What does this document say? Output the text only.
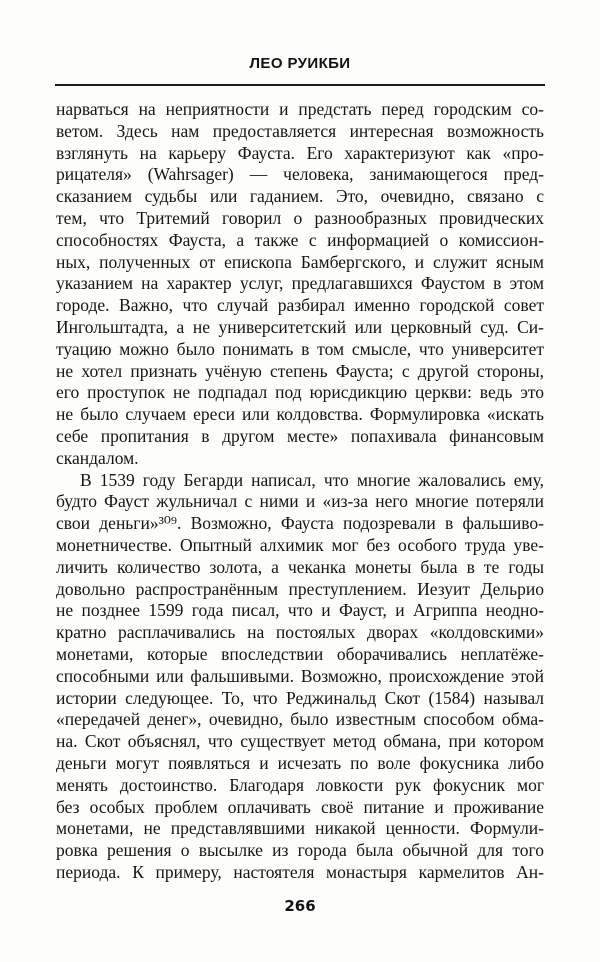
ЛЕО РУИКБИ
нарваться на неприятности и предстать перед городским со-
ветом. Здесь нам предоставляется интересная возможность
взглянуть на карьеру Фауста. Его характеризуют как «про-
рицателя» (Wahrsager) — человека, занимающегося пред-
сказанием судьбы или гаданием. Это, очевидно, связано с
тем, что Тритемий говорил о разнообразных провидческих
способностях Фауста, а также с информацией о комиссион-
ных, полученных от епископа Бамбергского, и служит ясным
указанием на характер услуг, предлагавшихся Фаустом в этом
городе. Важно, что случай разбирал именно городской совет
Ингольштадта, а не университетский или церковный суд. Си-
туацию можно было понимать в том смысле, что университет
не хотел признать учёную степень Фауста; с другой стороны,
его проступок не подпадал под юрисдикцию церкви: ведь это
не было случаем ереси или колдовства. Формулировка «искать
себе пропитания в другом месте» попахивала финансовым
скандалом.
В 1539 году Бегарди написал, что многие жаловались ему,
будто Фауст жульничал с ними и «из-за него многие потеряли
свои деньги»³⁰⁹. Возможно, Фауста подозревали в фальшиво-
монетничестве. Опытный алхимик мог без особого труда уве-
личить количество золота, а чеканка монеты была в те годы
довольно распространённым преступлением. Иезуит Дельрио
не позднее 1599 года писал, что и Фауст, и Агриппа неодно-
кратно расплачивались на постоялых дворах «колдовскими»
монетами, которые впоследствии оборачивались неплатёже-
способными или фальшивыми. Возможно, происхождение этой
истории следующее. То, что Реджинальд Скот (1584) называл
«передачей денег», очевидно, было известным способом обма-
на. Скот объяснял, что существует метод обмана, при котором
деньги могут появляться и исчезать по воле фокусника либо
менять достоинство. Благодаря ловкости рук фокусник мог
без особых проблем оплачивать своё питание и проживание
монетами, не представлявшими никакой ценности. Формули-
ровка решения о высылке из города была обычной для того
периода. К примеру, настоятеля монастыря кармелитов Ан-
266
